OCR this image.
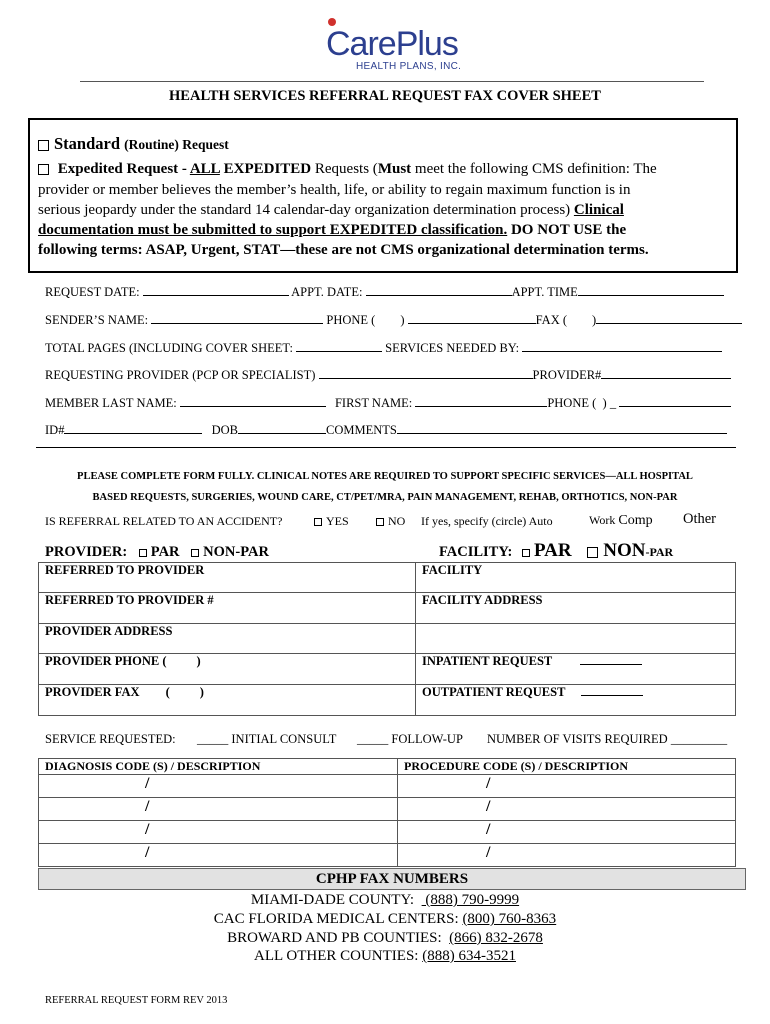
CarePlus
HEALTH PLANS, INC.
HEALTH SERVICES REFERRAL REQUEST FAX COVER SHEET
Standard (Routine) Request
Expedited Request - ALL EXPEDITED Requests (Must meet the following CMS definition: The
provider or member believes the member’s health, life, or ability to regain maximum function is in
serious jeopardy under the standard 14 calendar-day organization determination process) Clinical
documentation must be submitted to support EXPEDITED classification. DO NOT USE the
following terms: ASAP, Urgent, STAT—these are not CMS organizational determination terms.
REQUEST DATE:	APPT. DATE:	APPT. TIME
SENDER’S NAME:	PHONE (        )	FAX (        )
TOTAL PAGES (INCLUDING COVER SHEET:	SERVICES NEEDED BY:
REQUESTING PROVIDER (PCP OR SPECIALIST)	PROVIDER#
MEMBER LAST NAME:	FIRST NAME:	PHONE (  ) _
ID#	DOB	COMMENTS
PLEASE COMPLETE FORM FULLY. CLINICAL NOTES ARE REQUIRED TO SUPPORT SPECIFIC SERVICES—ALL HOSPITAL
BASED REQUESTS, SURGERIES, WOUND CARE, CT/PET/MRA, PAIN MANAGEMENT, REHAB, ORTHOTICS, NON-PAR
IS REFERRAL RELATED TO AN ACCIDENT?	YES	NO If yes, specify (circle) Auto	Work Comp Other
PROVIDER: PAR NON-PAR	FACILITY: PAR NON-PAR
REFERRED TO PROVIDER	FACILITY
REFERRED TO PROVIDER #	FACILITY ADDRESS
PROVIDER ADDRESS	
PROVIDER PHONE ( )	INPATIENT REQUEST
PROVIDER FAX ( )	OUTPATIENT REQUEST
SERVICE REQUESTED: _____ INITIAL CONSULT _____ FOLLOW-UP NUMBER OF VISITS REQUIRED _________
DIAGNOSIS CODE (S) / DESCRIPTION	PROCEDURE CODE (S) / DESCRIPTION
/	/
/	/
/	/
/	/
CPHP FAX NUMBERS
MIAMI-DADE COUNTY:   (888) 790-9999
CAC FLORIDA MEDICAL CENTERS: (800) 760-8363
BROWARD AND PB COUNTIES:  (866) 832-2678
ALL OTHER COUNTIES: (888) 634-3521
REFERRAL REQUEST FORM REV 2013
